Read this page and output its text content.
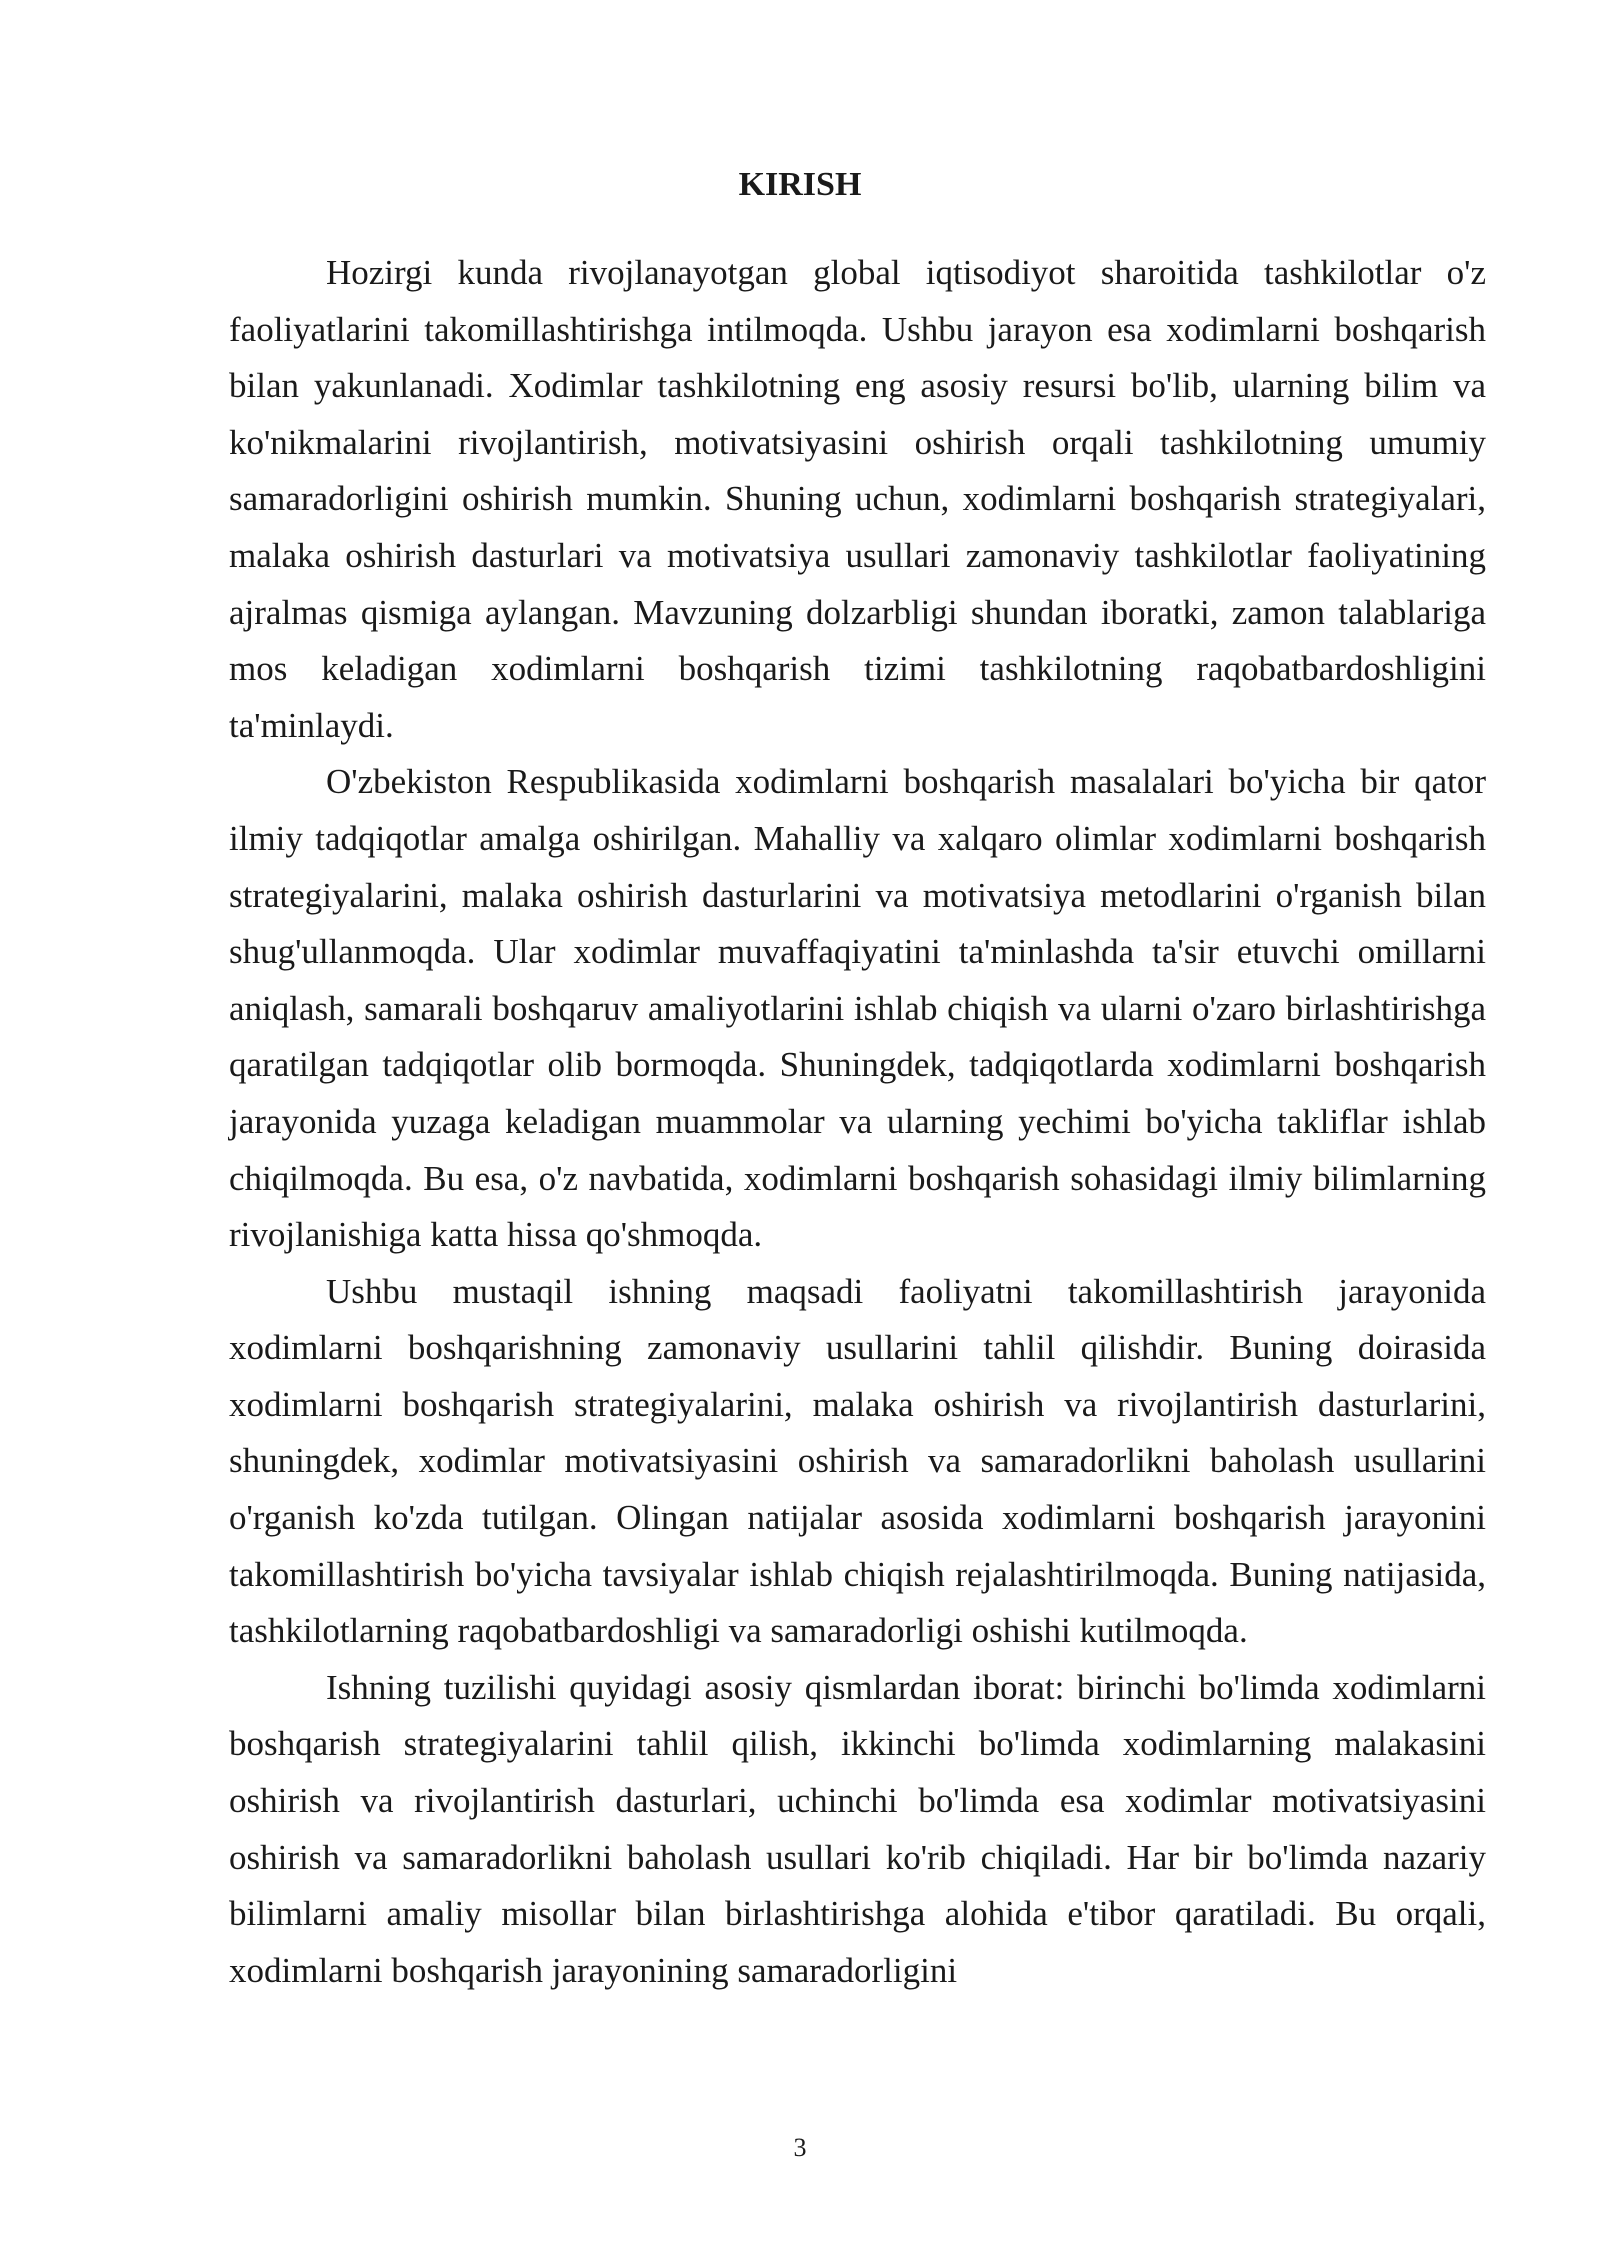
KIRISH

Hozirgi kunda rivojlanayotgan global iqtisodiyot sharoitida tashkilotlar o'z faoliyatlarini takomillashtirishga intilmoqda. Ushbu jarayon esa xodimlarni boshqarish bilan yakunlanadi. Xodimlar tashkilotning eng asosiy resursi bo'lib, ularning bilim va ko'nikmalarini rivojlantirish, motivatsiyasini oshirish orqali tashkilotning umumiy samaradorligini oshirish mumkin. Shuning uchun, xodimlarni boshqarish strategiyalari, malaka oshirish dasturlari va motivatsiya usullari zamonaviy tashkilotlar faoliyatining ajralmas qismiga aylangan. Mavzuning dolzarbligi shundan iboratki, zamon talablariga mos keladigan xodimlarni boshqarish tizimi tashkilotning raqobatbardoshligini ta'minlaydi.

O'zbekiston Respublikasida xodimlarni boshqarish masalalari bo'yicha bir qator ilmiy tadqiqotlar amalga oshirilgan. Mahalliy va xalqaro olimlar xodimlarni boshqarish strategiyalarini, malaka oshirish dasturlarini va motivatsiya metodlarini o'rganish bilan shug'ullanmoqda. Ular xodimlar muvaffaqiyatini ta'minlashda ta'sir etuvchi omillarni aniqlash, samarali boshqaruv amaliyotlarini ishlab chiqish va ularni o'zaro birlashtirishga qaratilgan tadqiqotlar olib bormoqda. Shuningdek, tadqiqotlarda xodimlarni boshqarish jarayonida yuzaga keladigan muammolar va ularning yechimi bo'yicha takliflar ishlab chiqilmoqda. Bu esa, o'z navbatida, xodimlarni boshqarish sohasidagi ilmiy bilimlarning rivojlanishiga katta hissa qo'shmoqda.

Ushbu mustaqil ishning maqsadi faoliyatni takomillashtirish jarayonida xodimlarni boshqarishning zamonaviy usullarini tahlil qilishdir. Buning doirasida xodimlarni boshqarish strategiyalarini, malaka oshirish va rivojlantirish dasturlarini, shuningdek, xodimlar motivatsiyasini oshirish va samaradorlikni baholash usullarini o'rganish ko'zda tutilgan. Olingan natijalar asosida xodimlarni boshqarish jarayonini takomillashtirish bo'yicha tavsiyalar ishlab chiqish rejalashtirilmoqda. Buning natijasida, tashkilotlarning raqobatbardoshligi va samaradorligi oshishi kutilmoqda.

Ishning tuzilishi quyidagi asosiy qismlardan iborat: birinchi bo'limda xodimlarni boshqarish strategiyalarini tahlil qilish, ikkinchi bo'limda xodimlarning malakasini oshirish va rivojlantirish dasturlari, uchinchi bo'limda esa xodimlar motivatsiyasini oshirish va samaradorlikni baholash usullari ko'rib chiqiladi. Har bir bo'limda nazariy bilimlarni amaliy misollar bilan birlashtirishga alohida e'tibor qaratiladi. Bu orqali, xodimlarni boshqarish jarayonining samaradorligini

3
